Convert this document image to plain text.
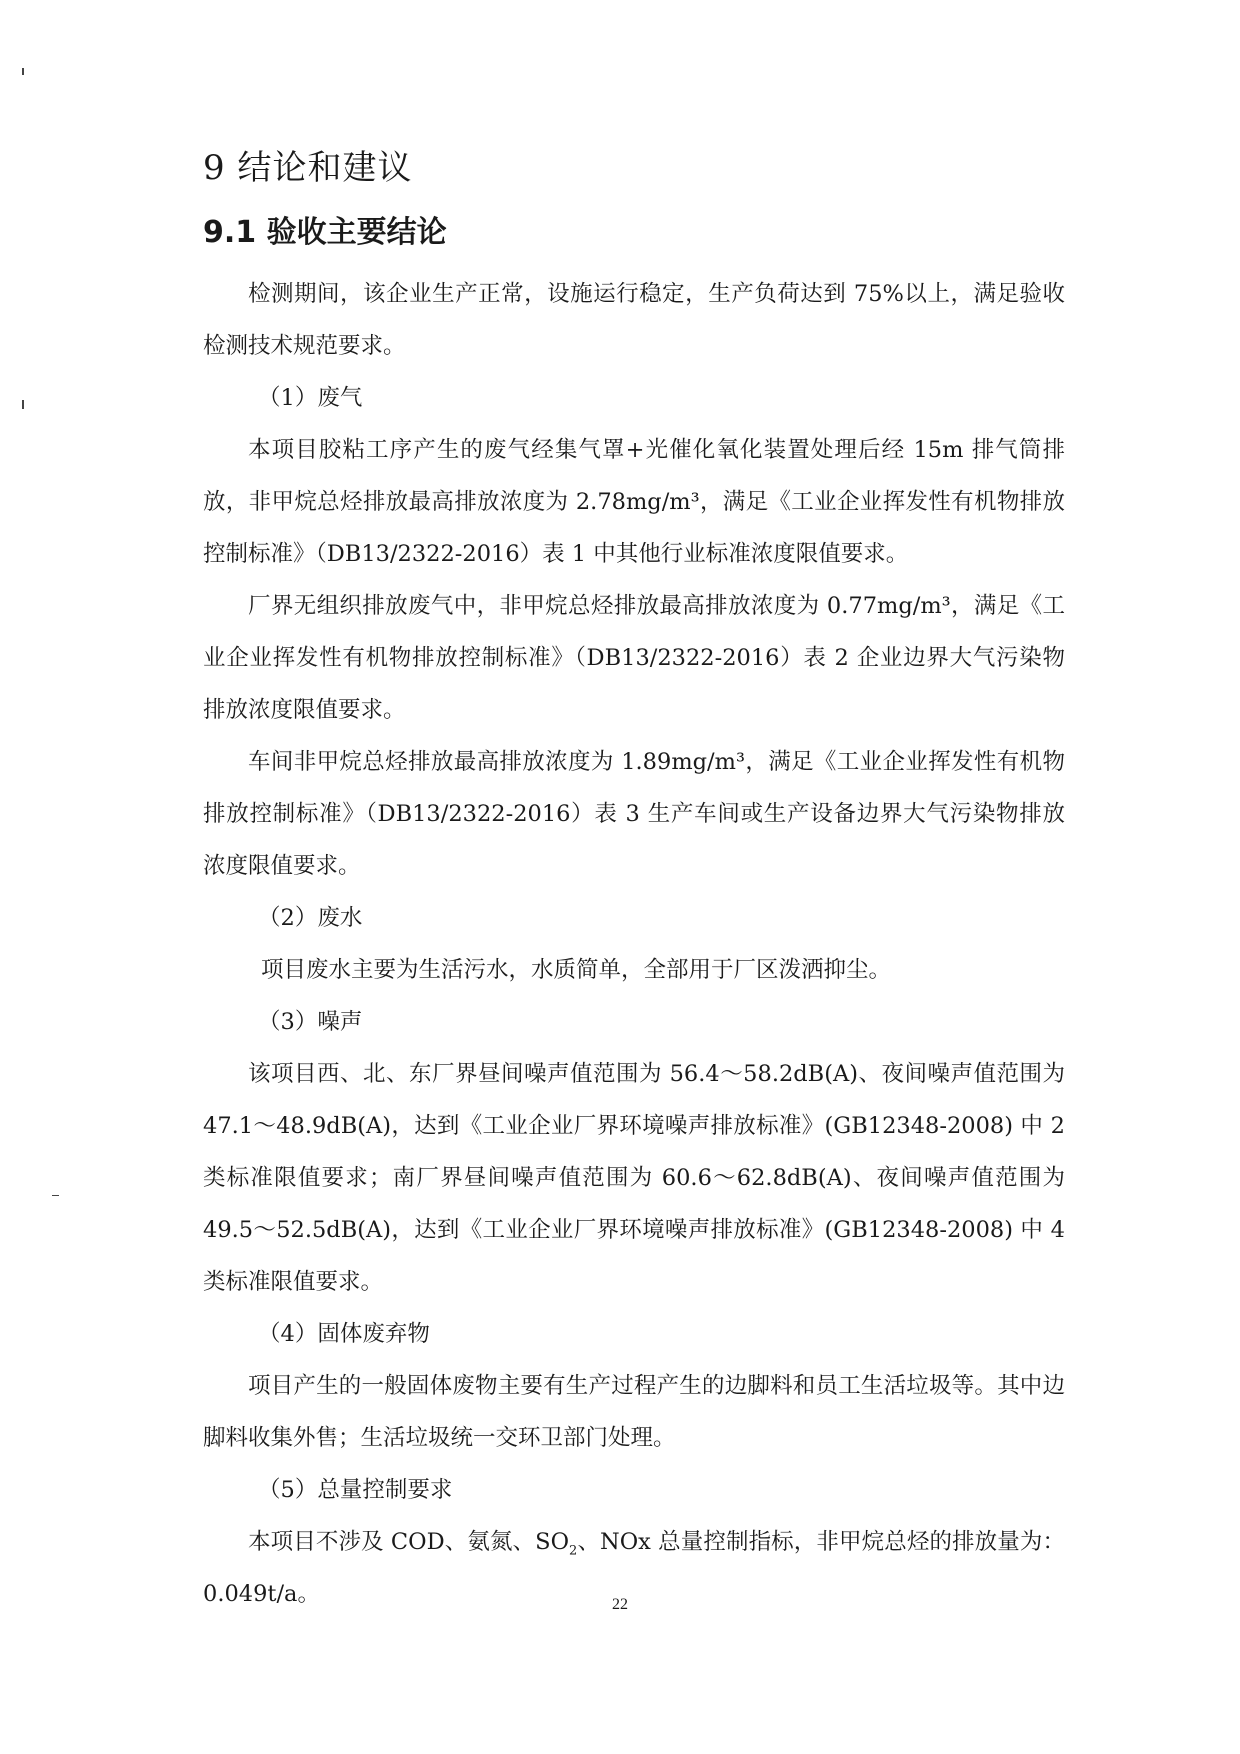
9 结论和建议
9.1 验收主要结论

检测期间，该企业生产正常，设施运行稳定，生产负荷达到 75%以上，满足验收检测技术规范要求。

（1）废气

本项目胶粘工序产生的废气经集气罩+光催化氧化装置处理后经 15m 排气筒排放，非甲烷总烃排放最高排放浓度为 2.78mg/m³，满足《工业企业挥发性有机物排放控制标准》（DB13/2322-2016）表 1 中其他行业标准浓度限值要求。

厂界无组织排放废气中，非甲烷总烃排放最高排放浓度为 0.77mg/m³，满足《工业企业挥发性有机物排放控制标准》（DB13/2322-2016）表 2 企业边界大气污染物排放浓度限值要求。

车间非甲烷总烃排放最高排放浓度为 1.89mg/m³，满足《工业企业挥发性有机物排放控制标准》（DB13/2322-2016）表 3 生产车间或生产设备边界大气污染物排放浓度限值要求。

（2）废水

项目废水主要为生活污水，水质简单，全部用于厂区泼洒抑尘。

（3）噪声

该项目西、北、东厂界昼间噪声值范围为 56.4～58.2dB(A)、夜间噪声值范围为 47.1～48.9dB(A)，达到《工业企业厂界环境噪声排放标准》(GB12348-2008) 中 2 类标准限值要求；南厂界昼间噪声值范围为 60.6～62.8dB(A)、夜间噪声值范围为 49.5～52.5dB(A)，达到《工业企业厂界环境噪声排放标准》(GB12348-2008) 中 4 类标准限值要求。

（4）固体废弃物

项目产生的一般固体废物主要有生产过程产生的边脚料和员工生活垃圾等。其中边脚料收集外售；生活垃圾统一交环卫部门处理。

（5）总量控制要求

本项目不涉及 COD、氨氮、$SO_2$、NOx 总量控制指标，非甲烷总烃的排放量为：0.049t/a。	22
